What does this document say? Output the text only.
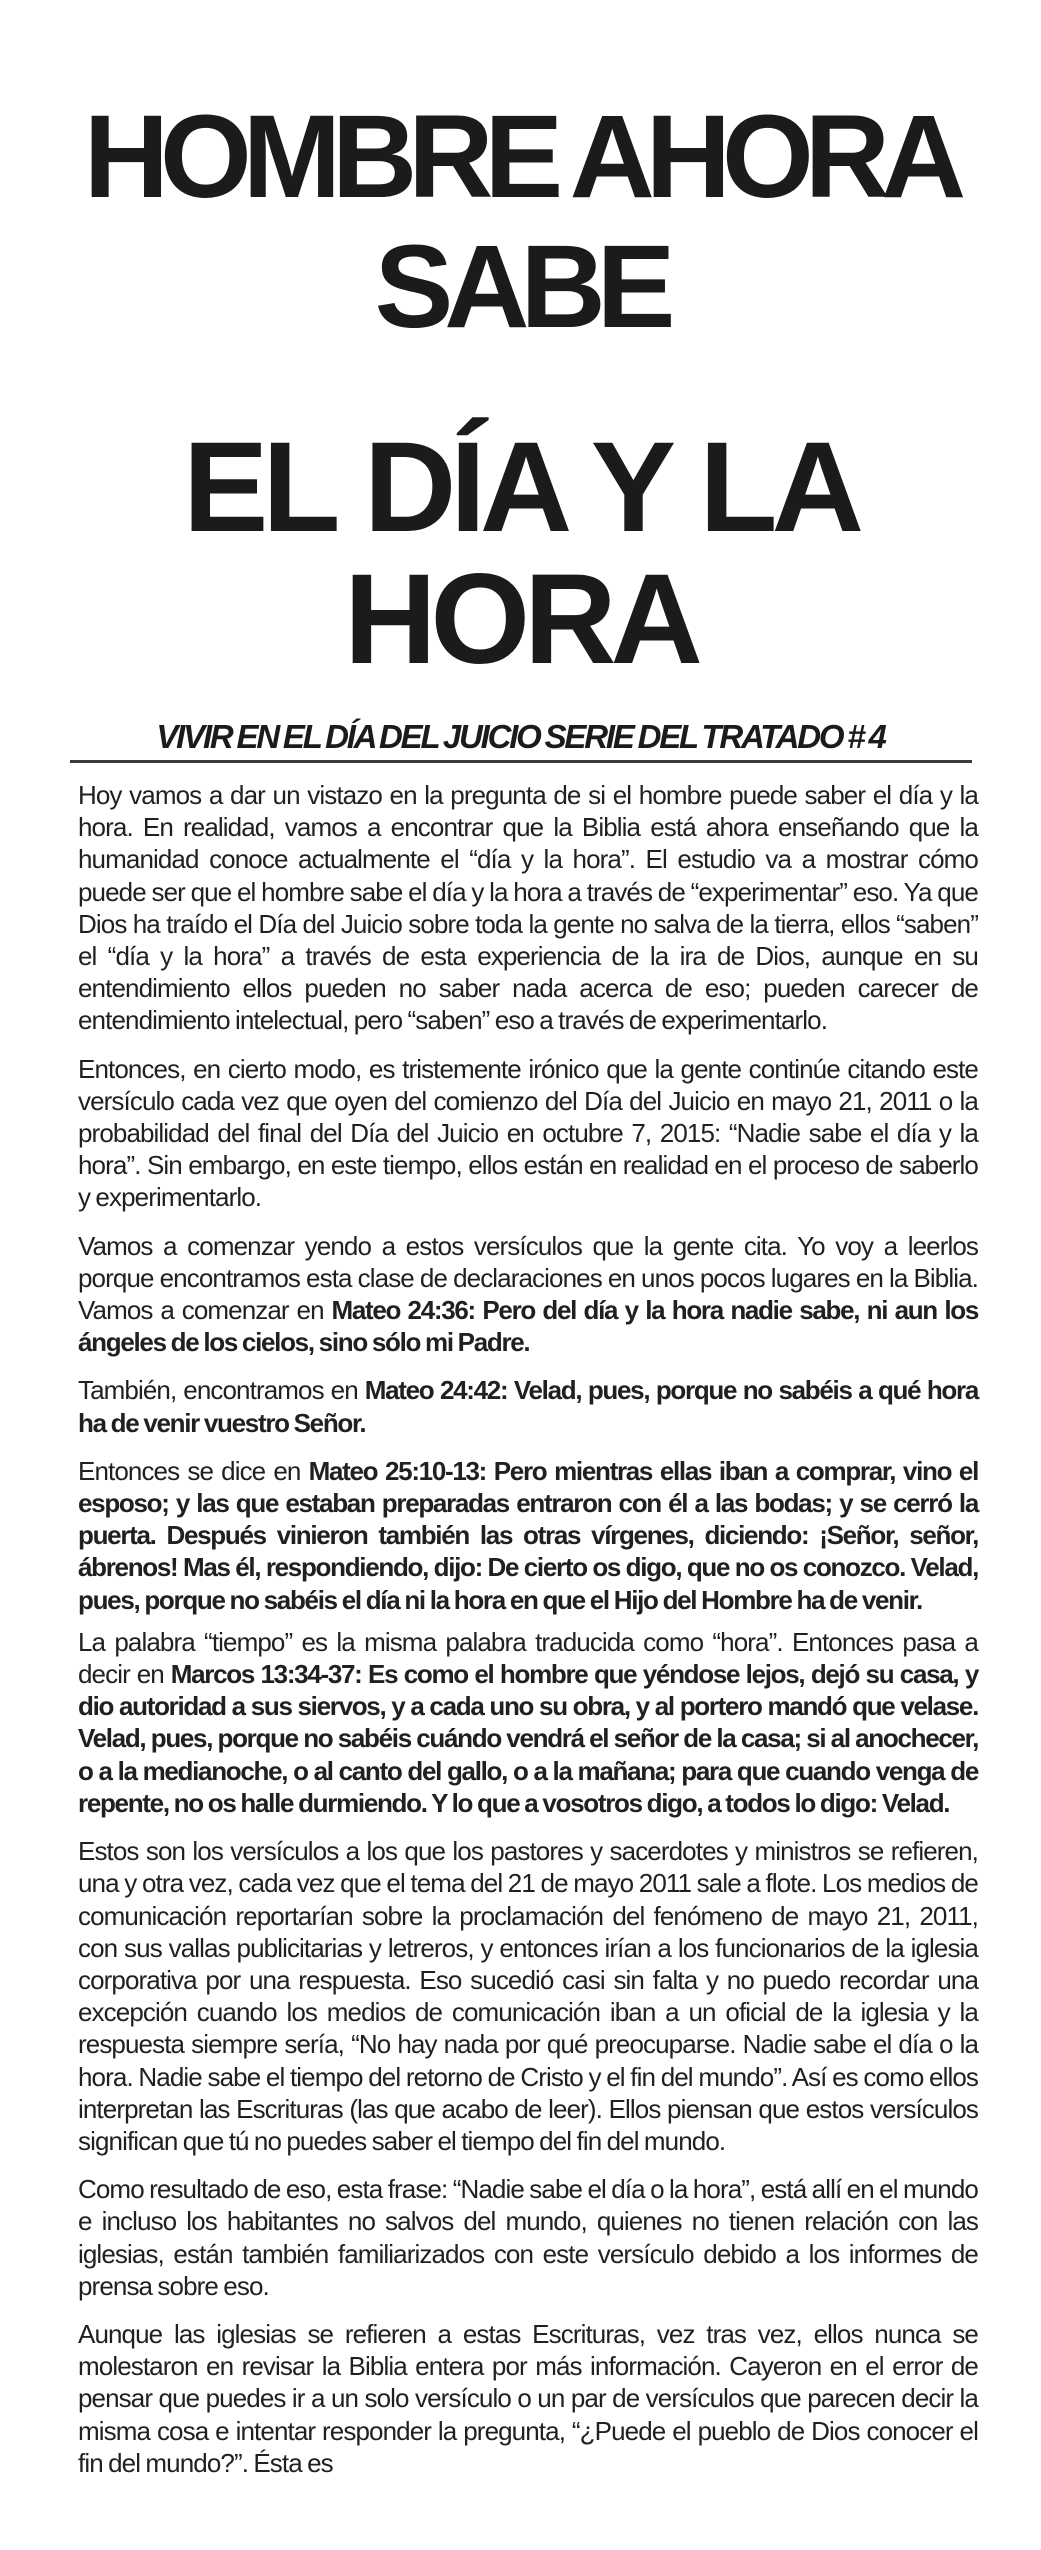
HOMBRE AHORA SABE
EL DÍA Y LA HORA
VIVIR EN EL DÍA DEL JUICIO SERIE DEL TRATADO # 4

Hoy vamos a dar un vistazo en la pregunta de si el hombre puede saber el día y la hora. En realidad, vamos a encontrar que la Biblia está ahora enseñando que la humanidad conoce actualmente el “día y la hora”. El estudio va a mostrar cómo puede ser que el hombre sabe el día y la hora a través de “experimentar” eso. Ya que Dios ha traído el Día del Juicio sobre toda la gente no salva de la tierra, ellos “saben” el “día y la hora” a través de esta experiencia de la ira de Dios, aunque en su entendimiento ellos pueden no saber nada acerca de eso; pueden carecer de entendimiento intelectual, pero “saben” eso a través de experimentarlo.

Entonces, en cierto modo, es tristemente irónico que la gente continúe citando este versículo cada vez que oyen del comienzo del Día del Juicio en mayo 21, 2011 o la probabilidad del final del Día del Juicio en octubre 7, 2015: “Nadie sabe el día y la hora”. Sin embargo, en este tiempo, ellos están en realidad en el proceso de saberlo y experimentarlo.

Vamos a comenzar yendo a estos versículos que la gente cita. Yo voy a leerlos porque encontramos esta clase de declaraciones en unos pocos lugares en la Biblia. Vamos a comenzar en Mateo 24:36: Pero del día y la hora nadie sabe, ni aun los ángeles de los cielos, sino sólo mi Padre.

También, encontramos en Mateo 24:42: Velad, pues, porque no sabéis a qué hora ha de venir vuestro Señor.

Entonces se dice en Mateo 25:10-13: Pero mientras ellas iban a comprar, vino el esposo; y las que estaban preparadas entraron con él a las bodas; y se cerró la puerta. Después vinieron también las otras vírgenes, diciendo: ¡Señor, señor, ábrenos! Mas él, respondiendo, dijo: De cierto os digo, que no os conozco. Velad, pues, porque no sabéis el día ni la hora en que el Hijo del Hombre ha de venir.

La palabra “tiempo” es la misma palabra traducida como “hora”. Entonces pasa a decir en Marcos 13:34-37: Es como el hombre que yéndose lejos, dejó su casa, y dio autoridad a sus siervos, y a cada uno su obra, y al portero mandó que velase. Velad, pues, porque no sabéis cuándo vendrá el señor de la casa; si al anochecer, o a la medianoche, o al canto del gallo, o a la mañana; para que cuando venga de repente, no os halle durmiendo. Y lo que a vosotros digo, a todos lo digo: Velad.

Estos son los versículos a los que los pastores y sacerdotes y ministros se refieren, una y otra vez, cada vez que el tema del 21 de mayo 2011 sale a flote. Los medios de comunicación reportarían sobre la proclamación del fenómeno de mayo 21, 2011, con sus vallas publicitarias y letreros, y entonces irían a los funcionarios de la iglesia corporativa por una respuesta. Eso sucedió casi sin falta y no puedo recordar una excepción cuando los medios de comunicación iban a un oficial de la iglesia y la respuesta siempre sería, “No hay nada por qué preocuparse. Nadie sabe el día o la hora. Nadie sabe el tiempo del retorno de Cristo y el fin del mundo”. Así es como ellos interpretan las Escrituras (las que acabo de leer). Ellos piensan que estos versículos significan que tú no puedes saber el tiempo del fin del mundo.

Como resultado de eso, esta frase: “Nadie sabe el día o la hora”, está allí en el mundo e incluso los habitantes no salvos del mundo, quienes no tienen relación con las iglesias, están también familiarizados con este versículo debido a los informes de prensa sobre eso.

Aunque las iglesias se refieren a estas Escrituras, vez tras vez, ellos nunca se molestaron en revisar la Biblia entera por más información. Cayeron en el error de pensar que puedes ir a un solo versículo o un par de versículos que parecen decir la misma cosa e intentar responder la pregunta, “¿Puede el pueblo de Dios conocer el fin del mundo?”. Ésta es
